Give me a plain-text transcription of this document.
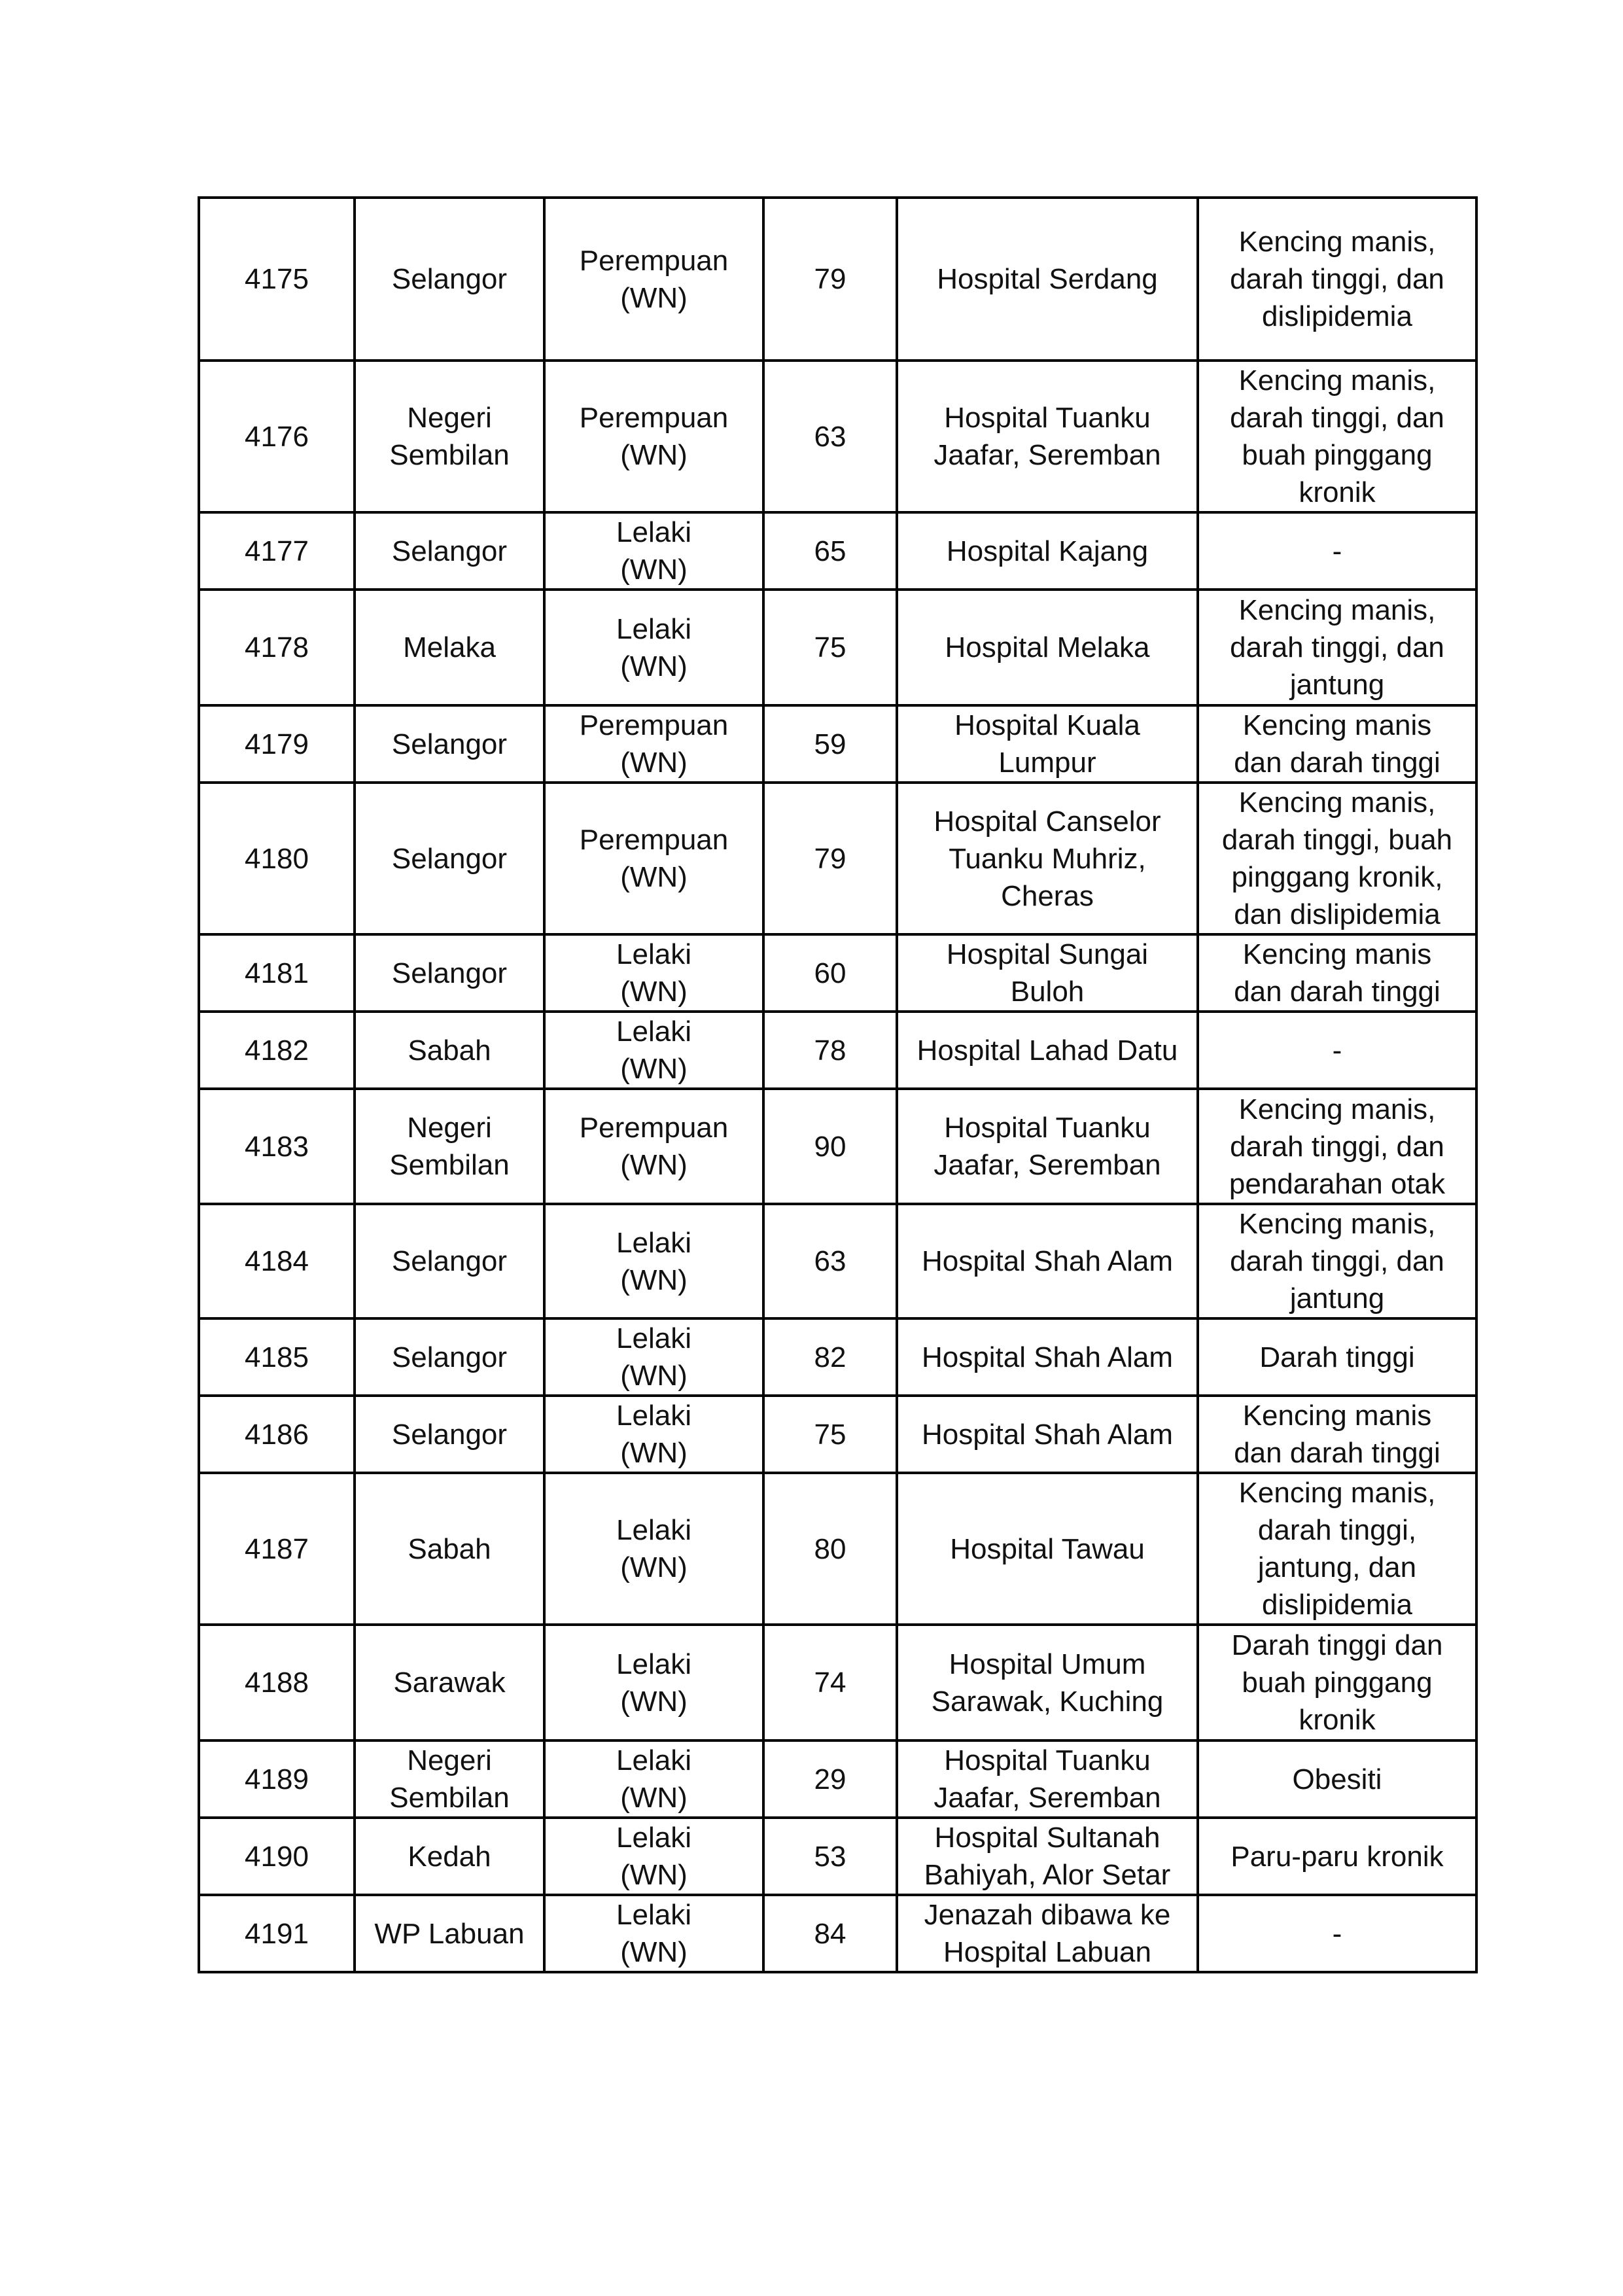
4175	Selangor	Perempuan
(WN)	79	Hospital Serdang	Kencing manis,
darah tinggi, dan
dislipidemia

4176	Negeri Sembilan	Perempuan
(WN)	63	Hospital Tuanku
Jaafar, Seremban	Kencing manis,
darah tinggi, dan
buah pinggang
kronik

4177	Selangor	Lelaki
(WN)	65	Hospital Kajang	-

4178	Melaka	Lelaki
(WN)	75	Hospital Melaka	Kencing manis,
darah tinggi, dan
jantung

4179	Selangor	Perempuan
(WN)	59	Hospital Kuala
Lumpur	Kencing manis
dan darah tinggi

4180	Selangor	Perempuan
(WN)	79	Hospital Canselor
Tuanku Muhriz,
Cheras	Kencing manis,
darah tinggi, buah
pinggang kronik,
dan dislipidemia

4181	Selangor	Lelaki
(WN)	60	Hospital Sungai
Buloh	Kencing manis
dan darah tinggi

4182	Sabah	Lelaki
(WN)	78	Hospital Lahad Datu	-

4183	Negeri Sembilan	Perempuan
(WN)	90	Hospital Tuanku
Jaafar, Seremban	Kencing manis,
darah tinggi, dan
pendarahan otak

4184	Selangor	Lelaki
(WN)	63	Hospital Shah Alam	Kencing manis,
darah tinggi, dan
jantung

4185	Selangor	Lelaki
(WN)	82	Hospital Shah Alam	Darah tinggi

4186	Selangor	Lelaki
(WN)	75	Hospital Shah Alam	Kencing manis
dan darah tinggi

4187	Sabah	Lelaki
(WN)	80	Hospital Tawau	Kencing manis,
darah tinggi,
jantung, dan
dislipidemia

4188	Sarawak	Lelaki
(WN)	74	Hospital Umum
Sarawak, Kuching	Darah tinggi dan
buah pinggang
kronik

4189	Negeri Sembilan	Lelaki
(WN)	29	Hospital Tuanku
Jaafar, Seremban	Obesiti

4190	Kedah	Lelaki
(WN)	53	Hospital Sultanah
Bahiyah, Alor Setar	Paru-paru kronik

4191	WP Labuan	Lelaki
(WN)	84	Jenazah dibawa ke
Hospital Labuan	-
